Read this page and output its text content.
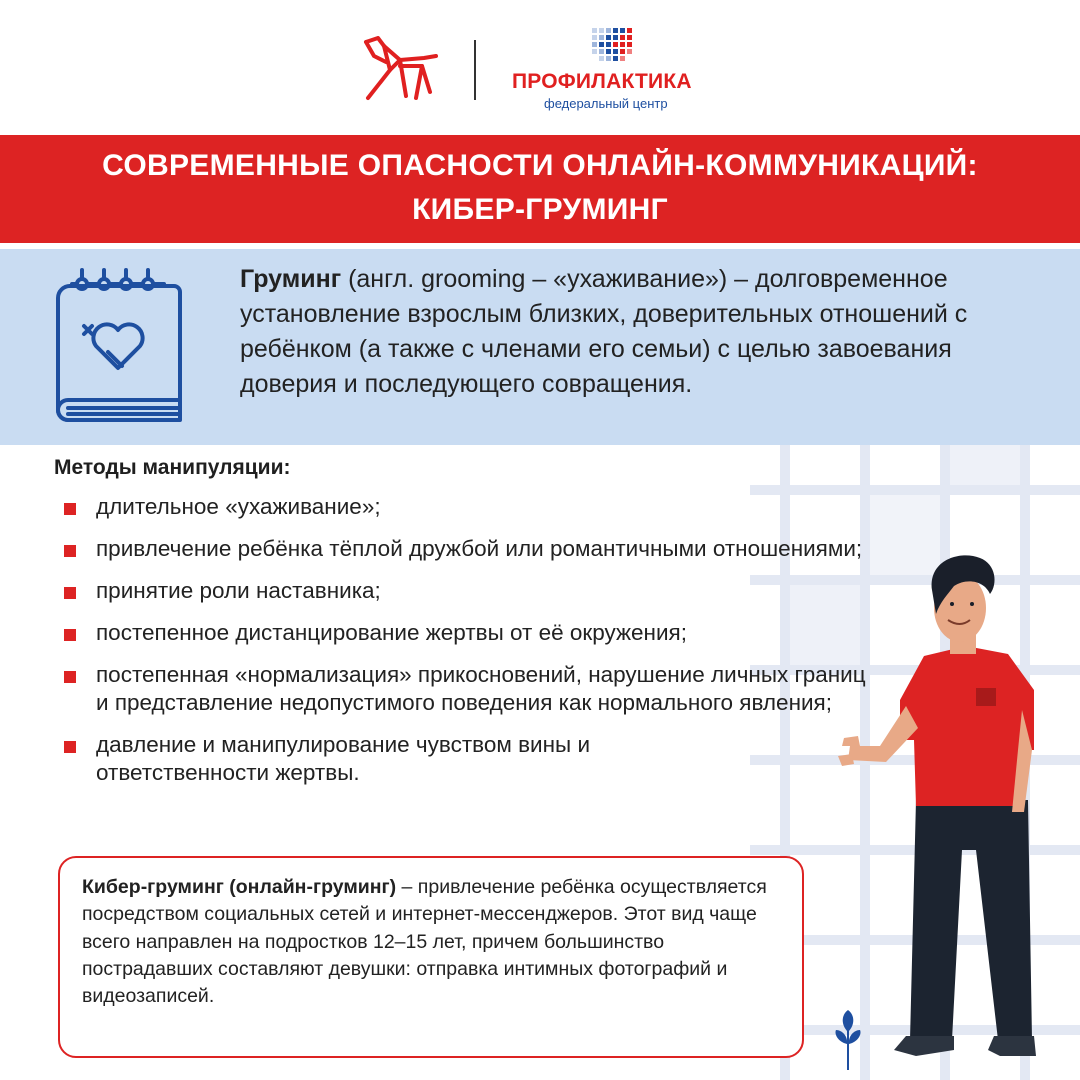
ПРОФИЛАКТИКА
федеральный центр
СОВРЕМЕННЫЕ ОПАСНОСТИ ОНЛАЙН-КОММУНИКАЦИЙ:
КИБЕР-ГРУМИНГ
Груминг (англ. grooming – «ухаживание») – долговременное установление взрослым близких, доверительных отношений с ребёнком (а также с членами его семьи) с целью завоевания доверия и последующего совращения.
Методы манипуляции:
длительное «ухаживание»;
привлечение ребёнка тёплой дружбой или романтичными отношениями;
принятие роли наставника;
постепенное дистанцирование жертвы от её окружения;
постепенная «нормализация» прикосновений, нарушение личных границ и представление недопустимого поведения как нормального явления;
давление и манипулирование чувством вины и ответственности жертвы.
Кибер-груминг (онлайн-груминг) – привлечение ребёнка осуществляется посредством социальных сетей и интернет-мессенджеров. Этот вид чаще всего направлен на подростков 12–15 лет, причем большинство пострадавших составляют девушки: отправка интимных фотографий и видеозаписей.
